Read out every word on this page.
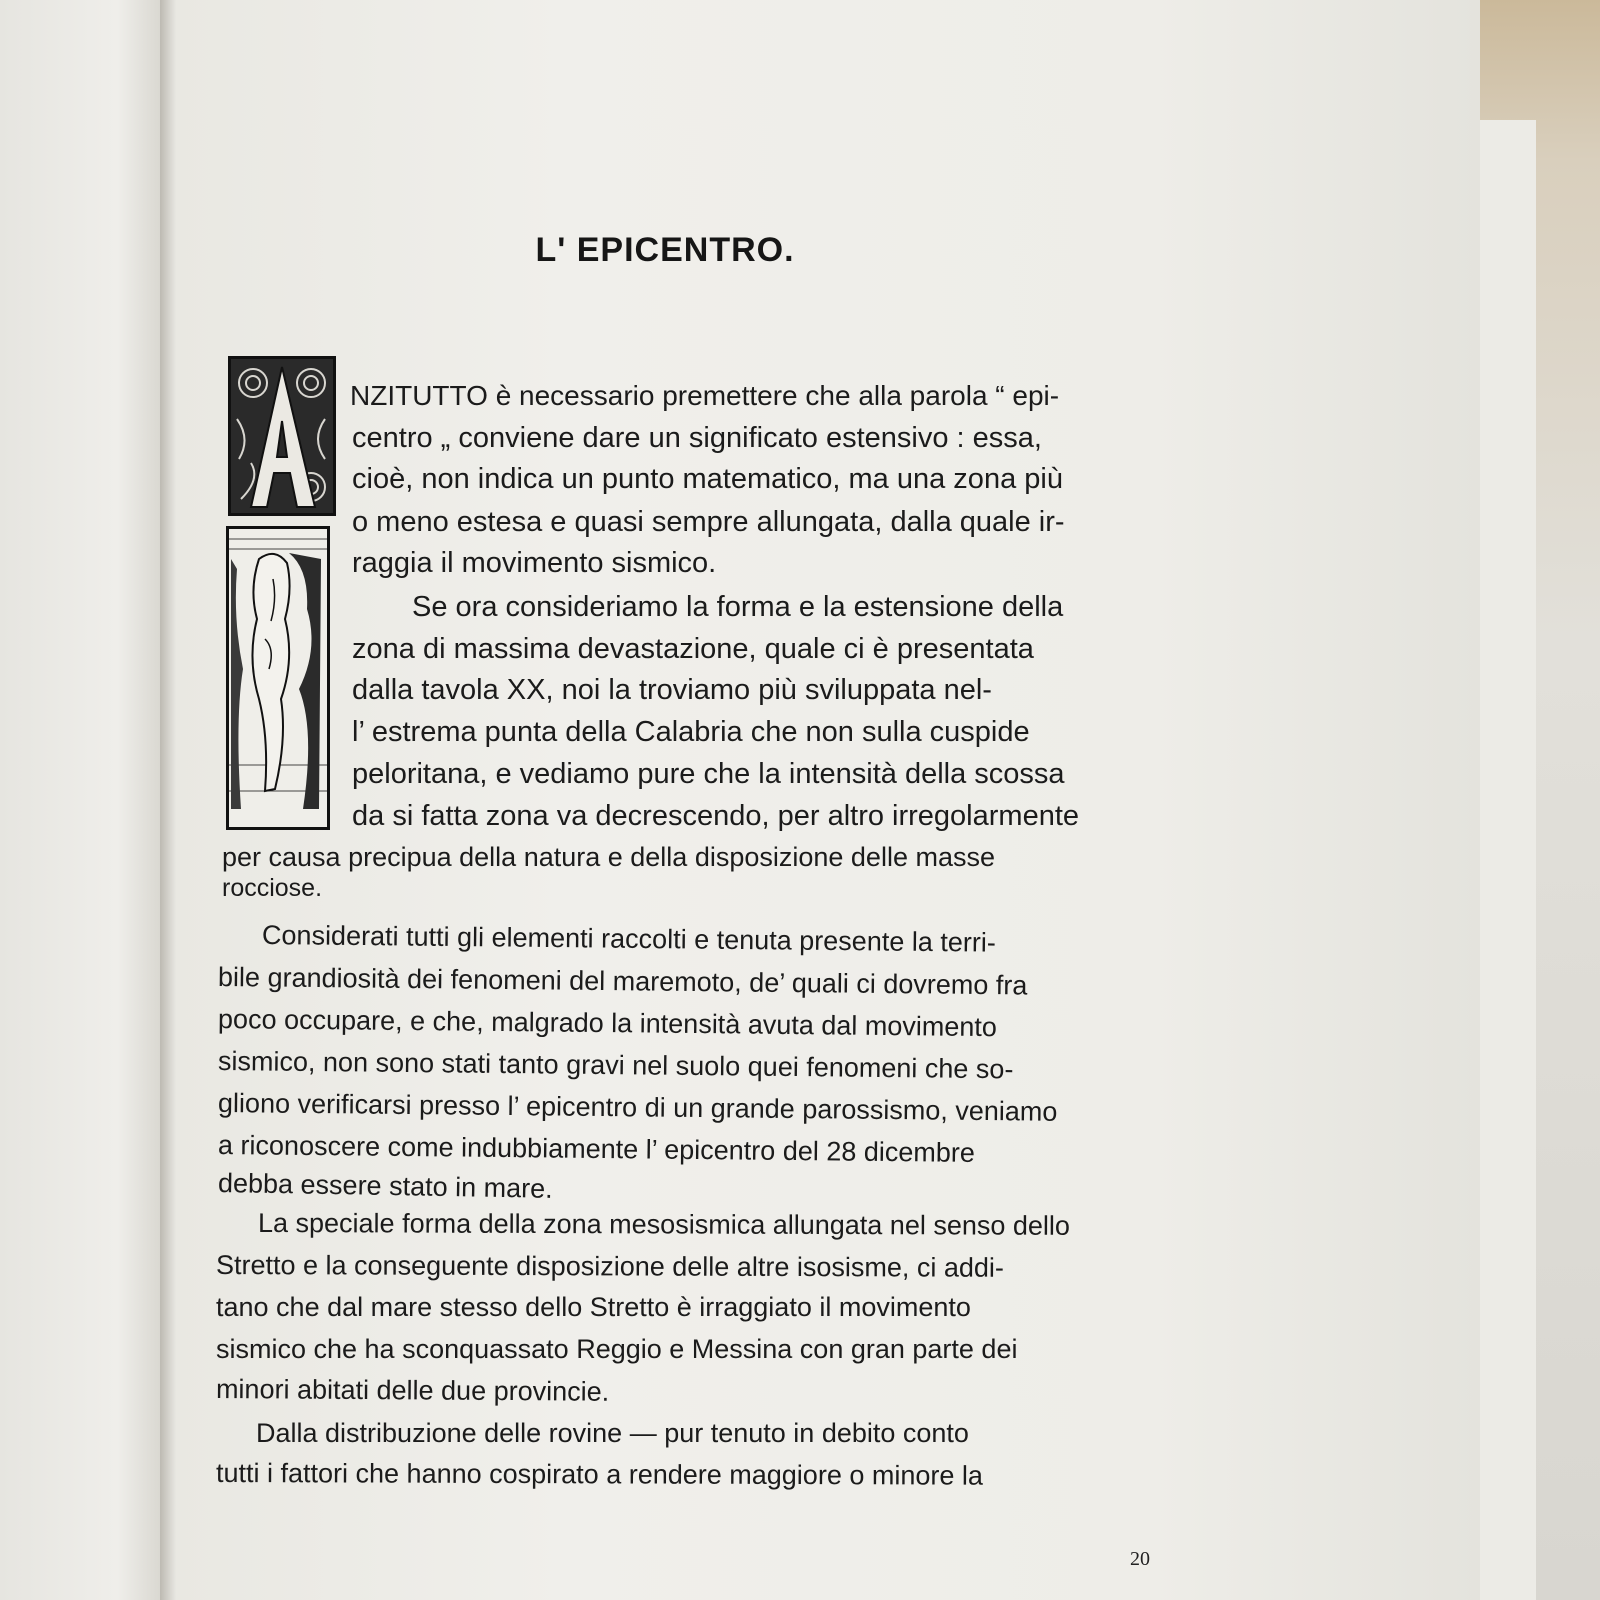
L' EPICENTRO.
NZITUTTO è necessario premettere che alla parola “ epi-
centro „ conviene dare un significato estensivo : essa,
cioè, non indica un punto matematico, ma una zona più
o meno estesa e quasi sempre allungata, dalla quale ir-
raggia il movimento sismico.
Se ora consideriamo la forma e la estensione della
zona di massima devastazione, quale ci è presentata
dalla tavola XX, noi la troviamo più sviluppata nel-
l’ estrema punta della Calabria che non sulla cuspide
peloritana, e vediamo pure che la intensità della scossa
da si fatta zona va decrescendo, per altro irregolarmente
per causa precipua della natura e della disposizione delle masse
rocciose.
Considerati tutti gli elementi raccolti e tenuta presente la terri-
bile grandiosità dei fenomeni del maremoto, de’ quali ci dovremo fra
poco occupare, e che, malgrado la intensità avuta dal movimento
sismico, non sono stati tanto gravi nel suolo quei fenomeni che so-
gliono verificarsi presso l’ epicentro di un grande parossismo, veniamo
a riconoscere come indubbiamente l’ epicentro del 28 dicembre
debba essere stato in mare.
La speciale forma della zona mesosismica allungata nel senso dello
Stretto e la conseguente disposizione delle altre isosisme, ci addi-
tano che dal mare stesso dello Stretto è irraggiato il movimento
sismico che ha sconquassato Reggio e Messina con gran parte dei
minori abitati delle due provincie.
Dalla distribuzione delle rovine — pur tenuto in debito conto
tutti i fattori che hanno cospirato a rendere maggiore o minore la
20
